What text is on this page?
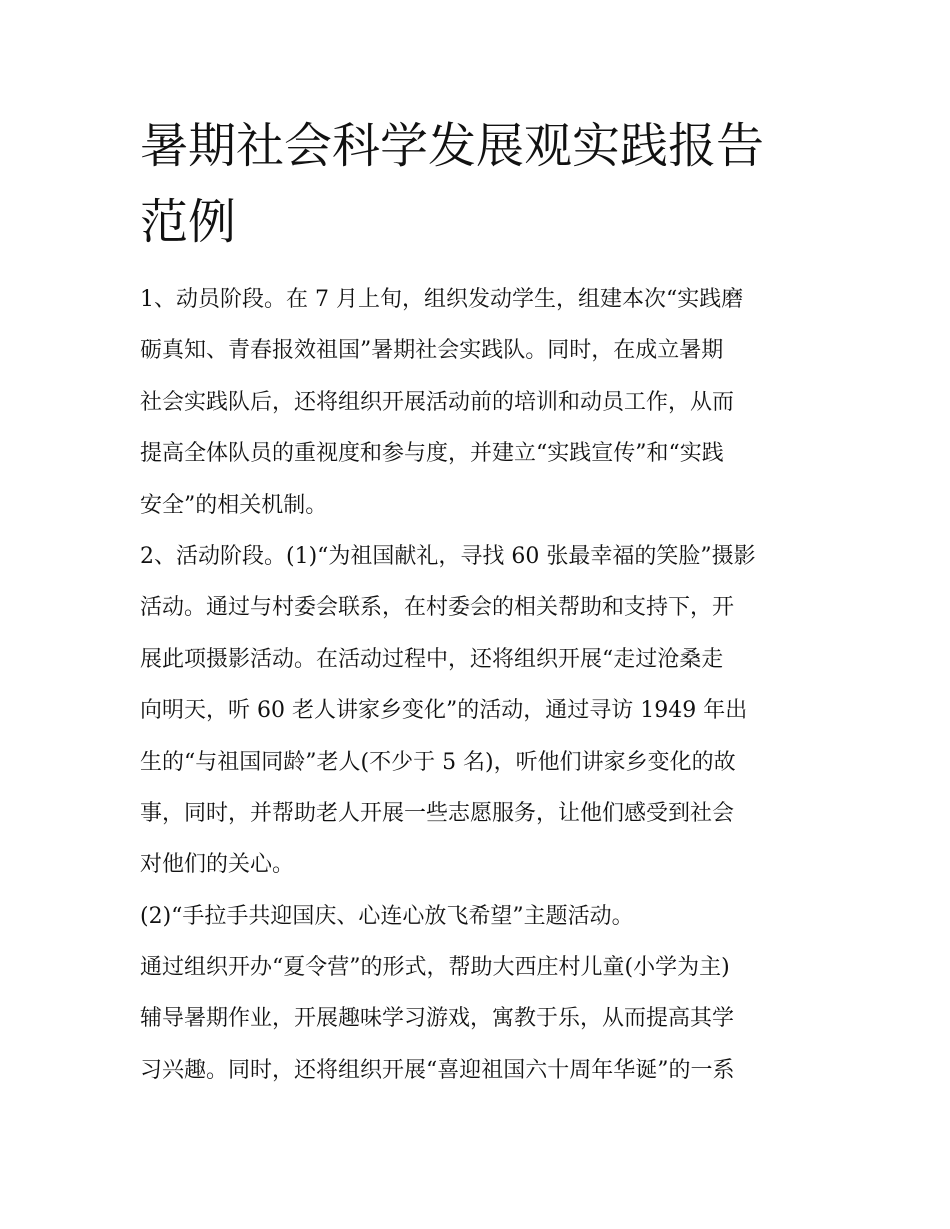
暑期社会科学发展观实践报告
范例
1、动员阶段。在 7 月上旬，组织发动学生，组建本次“实践磨
砺真知、青春报效祖国”暑期社会实践队。同时，在成立暑期
社会实践队后，还将组织开展活动前的培训和动员工作，从而
提高全体队员的重视度和参与度，并建立“实践宣传”和“实践
安全”的相关机制。
2、活动阶段。(1)“为祖国献礼，寻找 60 张最幸福的笑脸”摄影
活动。通过与村委会联系，在村委会的相关帮助和支持下，开
展此项摄影活动。在活动过程中，还将组织开展“走过沧桑走
向明天，听 60 老人讲家乡变化”的活动，通过寻访 1949 年出
生的“与祖国同龄”老人(不少于 5 名)，听他们讲家乡变化的故
事，同时，并帮助老人开展一些志愿服务，让他们感受到社会
对他们的关心。
(2)“手拉手共迎国庆、心连心放飞希望”主题活动。
通过组织开办“夏令营”的形式，帮助大西庄村儿童(小学为主)
辅导暑期作业，开展趣味学习游戏，寓教于乐，从而提高其学
习兴趣。同时，还将组织开展“喜迎祖国六十周年华诞”的一系
